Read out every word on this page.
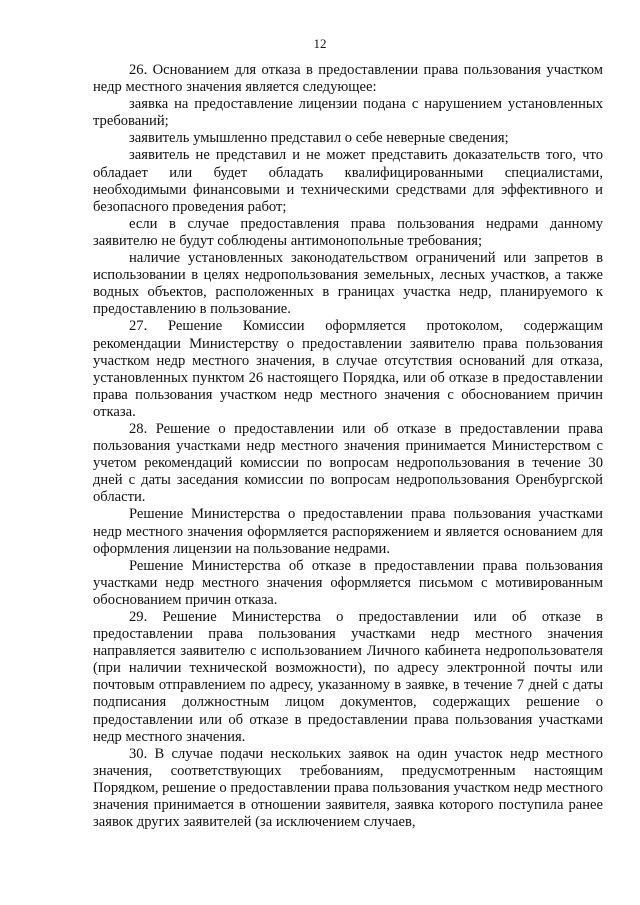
12

26. Основанием для отказа в предоставлении права пользования участком недр местного значения является следующее:

заявка на предоставление лицензии подана с нарушением установленных требований;

заявитель умышленно представил о себе неверные сведения;

заявитель не представил и не может представить доказательств того, что обладает или будет обладать квалифицированными специалистами, необходимыми финансовыми и техническими средствами для эффективного и безопасного проведения работ;

если в случае предоставления права пользования недрами данному заявителю не будут соблюдены антимонопольные требования;

наличие установленных законодательством ограничений или запретов в использовании в целях недропользования земельных, лесных участков, а также водных объектов, расположенных в границах участка недр, планируемого к предоставлению в пользование.

27. Решение Комиссии оформляется протоколом, содержащим рекомендации Министерству о предоставлении заявителю права пользования участком недр местного значения, в случае отсутствия оснований для отказа, установленных пунктом 26 настоящего Порядка, или об отказе в предоставлении права пользования участком недр местного значения с обоснованием причин отказа.

28. Решение о предоставлении или об отказе в предоставлении права пользования участками недр местного значения принимается Министерством с учетом рекомендаций комиссии по вопросам недропользования в течение 30 дней с даты заседания комиссии по вопросам недропользования Оренбургской области.

Решение Министерства о предоставлении права пользования участками недр местного значения оформляется распоряжением и является основанием для оформления лицензии на пользование недрами.

Решение Министерства об отказе в предоставлении права пользования участками недр местного значения оформляется письмом с мотивированным обоснованием причин отказа.

29. Решение Министерства о предоставлении или об отказе в предоставлении права пользования участками недр местного значения направляется заявителю с использованием Личного кабинета недропользователя (при наличии технической возможности), по адресу электронной почты или почтовым отправлением по адресу, указанному в заявке, в течение 7 дней с даты подписания должностным лицом документов, содержащих решение о предоставлении или об отказе в предоставлении права пользования участками недр местного значения.

30. В случае подачи нескольких заявок на один участок недр местного значения, соответствующих требованиям, предусмотренным настоящим Порядком, решение о предоставлении права пользования участком недр местного значения принимается в отношении заявителя, заявка которого поступила ранее заявок других заявителей (за исключением случаев,
